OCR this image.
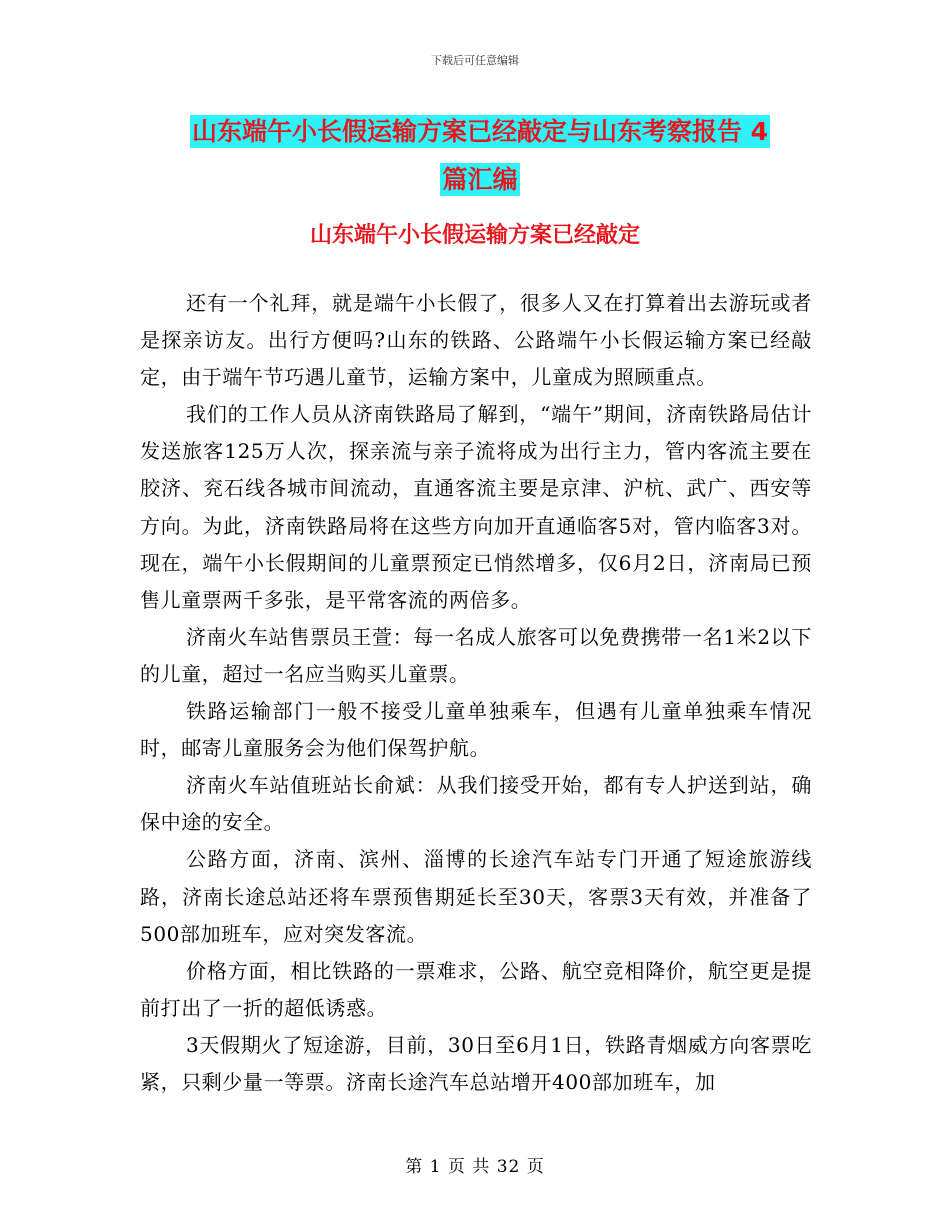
下载后可任意编辑
山东端午小长假运输方案已经敲定与山东考察报告 4
篇汇编
山东端午小长假运输方案已经敲定

还有一个礼拜，就是端午小长假了，很多人又在打算着出去游玩或者是探亲访友。出行方便吗?山东的铁路、公路端午小长假运输方案已经敲定，由于端午节巧遇儿童节，运输方案中，儿童成为照顾重点。

我们的工作人员从济南铁路局了解到，“端午”期间，济南铁路局估计发送旅客125万人次，探亲流与亲子流将成为出行主力，管内客流主要在胶济、兖石线各城市间流动，直通客流主要是京津、沪杭、武广、西安等方向。为此，济南铁路局将在这些方向加开直通临客5对，管内临客3对。现在，端午小长假期间的儿童票预定已悄然增多，仅6月2日，济南局已预售儿童票两千多张，是平常客流的两倍多。

济南火车站售票员王萱：每一名成人旅客可以免费携带一名1米2以下的儿童，超过一名应当购买儿童票。

铁路运输部门一般不接受儿童单独乘车，但遇有儿童单独乘车情况时，邮寄儿童服务会为他们保驾护航。

济南火车站值班站长俞斌：从我们接受开始，都有专人护送到站，确保中途的安全。

公路方面，济南、滨州、淄博的长途汽车站专门开通了短途旅游线路，济南长途总站还将车票预售期延长至30天，客票3天有效，并准备了500部加班车，应对突发客流。

价格方面，相比铁路的一票难求，公路、航空竞相降价，航空更是提前打出了一折的超低诱惑。

3天假期火了短途游，目前，30日至6月1日，铁路青烟威方向客票吃紧，只剩少量一等票。济南长途汽车总站增开400部加班车，加

第 1 页 共 32 页
